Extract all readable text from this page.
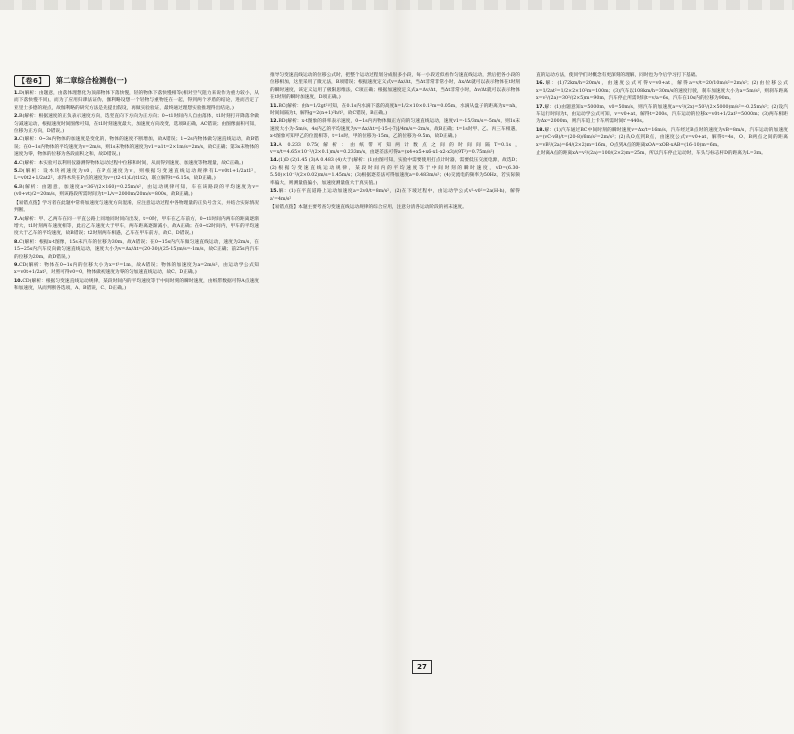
【卷6】	第二章综合检测卷(一)

1.D(解析：由题意，由落体理想化为顶部物体下落快慢，轻的物体下落快慢相等(相对空气阻力来说作为重力较小，从而下落快慢不同)，而为了应用归谬法证伪，伽利略设想一个轻物与重物连在一起，得到两个矛盾的结论，进而否定了亚里士多德的观点，故伽利略的研究方法是先提出假设，再做实验验证，最终通过理想实验推理得出结论。)

2.B(解析：根据速度的正负表示速度方向，选竖直向下方向为正方向；0~t1时间内人自由落体，t1时刻打开降落伞做匀减速运动，根据速度时间图像可知，在t1时刻速度最大，加速度方向改变，选项B正确，AC错误；由图像面积可知，位移为正方向，D错误。)

3.C(解析：0~3s内物体的加速度是变化的，物体的速度不断增加，故A错误；1~2s内物体做匀速直线运动，故B错误；在0~1s内物体的平均速度为v=2m/s，则1s末物体的速度为v1=a1t=2×1m/s=2m/s，故C正确；第3s末物体的速度为零，物体的位移为各段面积之和，故D错误。)

4.C(解析：本实验可以利用仪器测得物体运动过程中位移和时间，从而得到速度、加速度等物理量，故C正确。)

5.D(解析：设木块初速度为v0，在P点速度为v，则根据匀变速直线运动规律有L=v0t1+1/2at1²，L=v0t2+1/2at2²，求得木块在P点的速度为v=(t2-t1)L/(t1t2)，联立解得t=6.15s，故D正确。)

6.B(解析：由题意，加速度a=36²/(2×160)=0.25m/s²，由运动规律可知，车在该路段的平均速度为v=(v0+vt)/2=20m/s，则该路段所需时间为t=L/v=2000m/20m/s=800s，故B正确。)

【易错点拨】学习者在此题中常将加速度与速度方向混淆，应注意运动过程中各物理量的正负号含义，并结合实际情况判断。

7.A(解析：甲、乙两车在同一平直公路上同地同时同向出发，t=0时，甲车在乙车前方，0~t1时间内两车的距离逐渐增大，t1时刻两车速度相等，此后乙车速度大于甲车，两车距离逐渐减小，故A正确；在0~t2时间内，甲车的平均速度大于乙车的平均速度，故B错误；t2时刻两车相遇，乙车在甲车前方，故C、D错误。)

8.C(解析：根据x-t图像，15s末汽车的位移为30m，故A错误；在0~15s内汽车做匀速直线运动，速度为2m/s，在15~25s内汽车反向做匀速直线运动，速度大小为v=Δx/Δt=(20-30)/(25-15)m/s=-1m/s，故C正确；前25s内汽车的位移为20m，故D错误。)

9.CD(解析：物体在0~1s内的位移大小为x=t²=1m，故A错误；物体的加速度为a=2m/s²，由运动学公式知x=v0t+1/2at²，对照可得v0=0，物体做初速度为零的匀加速直线运动，故C、D正确。)

10.CD(解析：根据匀变速直线运动规律，某段时间内的平均速度等于中间时刻的瞬时速度，由纸带数据可得A点速度和加速度，从而判断各选项，A、B错误，C、D正确。)

推导匀变速直线运动的位移公式时，把整个运动过程划分成很多小段，每一小段近似看作匀速直线运动，然后把各小段的位移相加，这里采用了微元法，B项错误；根据速度定义式v=Δx/Δt，当Δt非常非常小时，Δx/Δt就可以表示物体在t时刻的瞬时速度，该定义运用了极限思维法，C项正确；根据加速度定义式a=Δv/Δt，当Δt非常小时，Δv/Δt就可以表示物体在t时刻的瞬时加速度，D项正确。)

11.BC(解析：由h=1/2gt²可知，在0.1s内水滴下落的高度h=1/2×10×0.1²m=0.05m，水滴从盘子的距离为x=nh，时间间隔为t，解得g=2(n+1)²h/t²，故C错误，B正确。)

12.BD(解析：x-t图象的斜率表示速度，0~1s内丙物体做正方向的匀速直线运动，速度v1=-15/3m/s=-5m/s，则1s末速度大小为-5m/s，4s内乙的平均速度为v=Δx/Δt=[-15-(-7)]/4m/s=-2m/s，故B正确；t=1s时甲、乙、丙三车相遇，x-t图象可知甲乙的位置相等，t=1s时，甲的位移为-15m，乙的位移为-9.5m，故D正确。)

13.A 0.233 0.75(解析：由纸带可知两计数点之间的时间间隔T=0.1s，v=x/t=4.65×10⁻²/(2×0.1)m/s=0.233m/s，由逐差法可得a=(x4+x5+x6-x1-x2-x3)/(9T²)=0.75m/s²)

14.(1)D (2)1.45 (3)A 0.483 (4)大于(解析：(1)由图可知，实验中需要使用打点计时器，需要低压交流电源，故选D；(2)根据匀变速直线运动规律，某段时间内的平均速度等于中间时刻的瞬时速度，vD=(6.30-5.50)×10⁻²/(2×0.02)m/s=1.45m/s；(3)根据逐差法可得加速度a=0.483m/s²；(4)交流电的频率为50Hz，若实际频率偏大，则测量值偏小，加速度测量值大于真实值。)

15.解：(1)在平直道路上运动加速度a=2v0/t=8m/s²，(2)在下坡过程中，由运动学公式v²-v0²=2a(H-h)，解得a'=4m/s²

【易错点拨】本题主要考查匀变速直线运动规律的综合应用，注意分清各运动阶段的初末速度。

直的运动方法，使同学们对概念有更深刻的理解，同时也为今后学习打下基础。

16.解：(1)72km/h=20m/s，由速度公式可得v=v0+at，解得a=v/t=20/10m/s²=2m/s²；(2)由位移公式x=1/2at²=1/2×2×10²m=100m；(3)汽车以108km/h=30m/s的速度行驶，刹车加速度大小为a=5m/s²，则刹车距离x=v²/(2a)=30²/(2×5)m=90m，汽车停止所需时间t=v/a=6s，汽车在10s内的位移为90m。

17.解：(1)由题意知x=5000m，v0=50m/s，则汽车的加速度a=v²/(2x)=50²/(2×5000)m/s²=-0.25m/s²；(2)设汽车运行时间为t，由运动学公式可知，v=v0+at，解得t=200s，汽车运动的位移x=v0t+1/2at²=5000m；(3)两车相距为Δx=2000m，则汽车追上卡车所需时间t'=440s。

18.解：(1)汽车通过BC中间时刻的瞬时速度v=Δx/t=16m/s，汽车经过B点时的速度为vB=8m/s，汽车运动的加速度a=(vC-vB)/t=(20-8)/6m/s²=2m/s²；(2)从O点到B点，由速度公式v=v0+at，解得t=4s，O、B两点之间的距离x=vB²/(2a)=64/(2×2)m=16m，O点到A点的距离xOA=xOB-xAB=(16-10)m=6m。

止时离A点的距离xA=v²/(2a)=100/(2×2)m=25m，所以汽车停止运动时，车头与标志杆D的距离为L=3m。

27
